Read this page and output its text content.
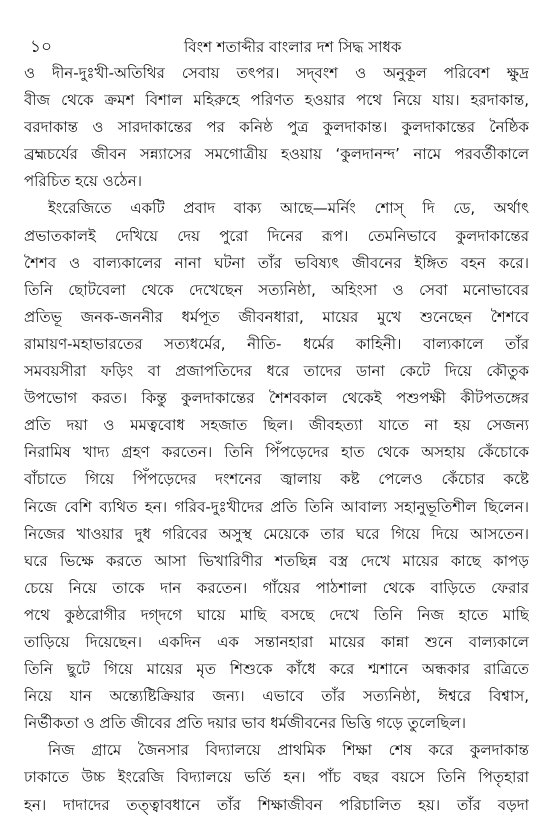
১০	বিংশ শতাব্দীর বাংলার দশ সিদ্ধ সাধক
ও দীন-দুঃখী-অতিথির সেবায় তৎপর। সদ্‌বংশ ও অনুকূল পরিবেশ ক্ষুদ্র
বীজ থেকে ক্রমশ বিশাল মহিরুহে পরিণত হওয়ার পথে নিয়ে যায়। হরদাকান্ত,
বরদাকান্ত ও সারদাকান্তের পর কনিষ্ঠ পুত্র কুলদাকান্ত। কুলদাকান্তের নৈষ্ঠিক
ব্রহ্মচর্যের জীবন সন্ন্যাসের সমগোত্রীয় হওয়ায় ‘কুলদানন্দ’ নামে পরবর্তীকালে
পরিচিত হয়ে ওঠেন।
ইংরেজিতে একটি প্রবাদ বাক্য আছে—মর্নিং শোস্‌ দি ডে, অর্থাৎ
প্রভাতকালই দেখিয়ে দেয় পুরো দিনের রূপ। তেমনিভাবে কুলদাকান্তের
শৈশব ও বাল্যকালের নানা ঘটনা তাঁর ভবিষ্যৎ জীবনের ইঙ্গিত বহন করে।
তিনি ছোটবেলা থেকে দেখেছেন সত্যনিষ্ঠা, অহিংসা ও সেবা মনোভাবের
প্রতিভূ জনক-জননীর ধর্মপূত জীবনধারা, মায়ের মুখে শুনেছেন শৈশবে
রামায়ণ-মহাভারতের সত্যধর্মের, নীতি- ধর্মের কাহিনী। বাল্যকালে তাঁর
সমবয়সীরা ফড়িং বা প্রজাপতিদের ধরে তাদের ডানা কেটে দিয়ে কৌতুক
উপভোগ করত। কিন্তু কুলদাকান্তের শৈশবকাল থেকেই পশুপক্ষী কীটপতঙ্গের
প্রতি দয়া ও মমত্ববোধ সহজাত ছিল। জীবহত্যা যাতে না হয় সেজন্য
নিরামিষ খাদ্য গ্রহণ করতেন। তিনি পিঁপড়েদের হাত থেকে অসহায় কেঁচোকে
বাঁচাতে গিয়ে পিঁপড়েদের দংশনের জ্বালায় কষ্ট পেলেও কেঁচোর কষ্টে
নিজে বেশি ব্যথিত হন। গরিব-দুঃখীদের প্রতি তিনি আবাল্য সহানুভূতিশীল ছিলেন।
নিজের খাওয়ার দুধ গরিবের অসুস্থ মেয়েকে তার ঘরে গিয়ে দিয়ে আসতেন।
ঘরে ভিক্ষে করতে আসা ভিখারিণীর শতছিন্ন বস্ত্র দেখে মায়ের কাছে কাপড়
চেয়ে নিয়ে তাকে দান করতেন। গাঁয়ের পাঠশালা থেকে বাড়িতে ফেরার
পথে কুষ্ঠরোগীর দগ্‌দগে ঘায়ে মাছি বসছে দেখে তিনি নিজ হাতে মাছি
তাড়িয়ে দিয়েছেন। একদিন এক সন্তানহারা মায়ের কান্না শুনে বাল্যকালে
তিনি ছুটে গিয়ে মায়ের মৃত শিশুকে কাঁধে করে শ্মশানে অন্ধকার রাত্রিতে
নিয়ে যান অন্ত্যেষ্টিক্রিয়ার জন্য। এভাবে তাঁর সত্যনিষ্ঠা, ঈশ্বরে বিশ্বাস,
নির্ভীকতা ও প্রতি জীবের প্রতি দয়ার ভাব ধর্মজীবনের ভিত্তি গড়ে তুলেছিল।
নিজ গ্রামে জৈনসার বিদ্যালয়ে প্রাথমিক শিক্ষা শেষ করে কুলদাকান্ত
ঢাকাতে উচ্চ ইংরেজি বিদ্যালয়ে ভর্তি হন। পাঁচ বছর বয়সে তিনি পিতৃহারা
হন। দাদাদের তত্ত্বাবধানে তাঁর শিক্ষাজীবন পরিচালিত হয়। তাঁর বড়দা
